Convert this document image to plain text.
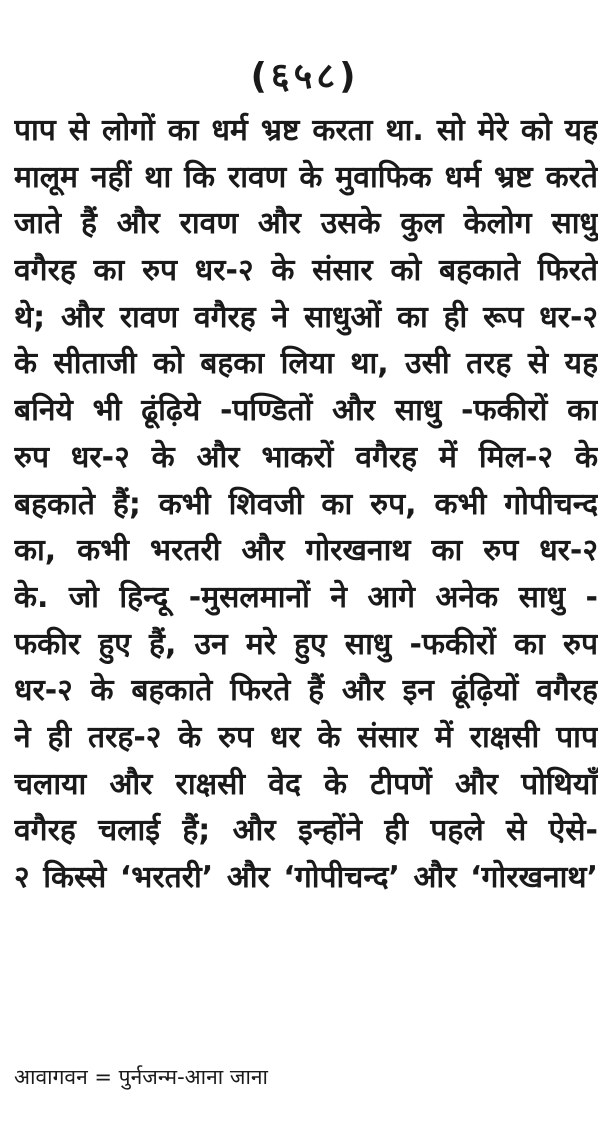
(६५८)
पाप से लोगों का धर्म भ्रष्ट करता था. सो मेरे को यह
मालूम नहीं था कि रावण के मुवाफिक धर्म भ्रष्ट करते
जाते हैं और रावण और उसके कुल केलोग साधु
वगैरह का रुप धर-२ के संसार को बहकाते फिरते
थे; और रावण वगैरह ने साधुओं का ही रूप धर-२
के सीताजी को बहका लिया था, उसी तरह से यह
बनिये भी ढूंढ़िये -पण्डितों और साधु -फकीरों का
रुप धर-२ के और भाकरों वगैरह में मिल-२ के
बहकाते हैं; कभी शिवजी का रुप, कभी गोपीचन्द
का, कभी भरतरी और गोरखनाथ का रुप धर-२
के. जो हिन्दू -मुसलमानों ने आगे अनेक साधु -
फकीर हुए हैं, उन मरे हुए साधु -फकीरों का रुप
धर-२ के बहकाते फिरते हैं और इन ढूंढ़ियों वगैरह
ने ही तरह-२ के रुप धर के संसार में राक्षसी पाप
चलाया और राक्षसी वेद के टीपणें और पोथियाँ
वगैरह चलाई हैं; और इन्होंने ही पहले से ऐसे-
२ किस्से ‘भरतरी’ और ‘गोपीचन्द’ और ‘गोरखनाथ’
आवागवन = पुर्नजन्म-आना जाना
